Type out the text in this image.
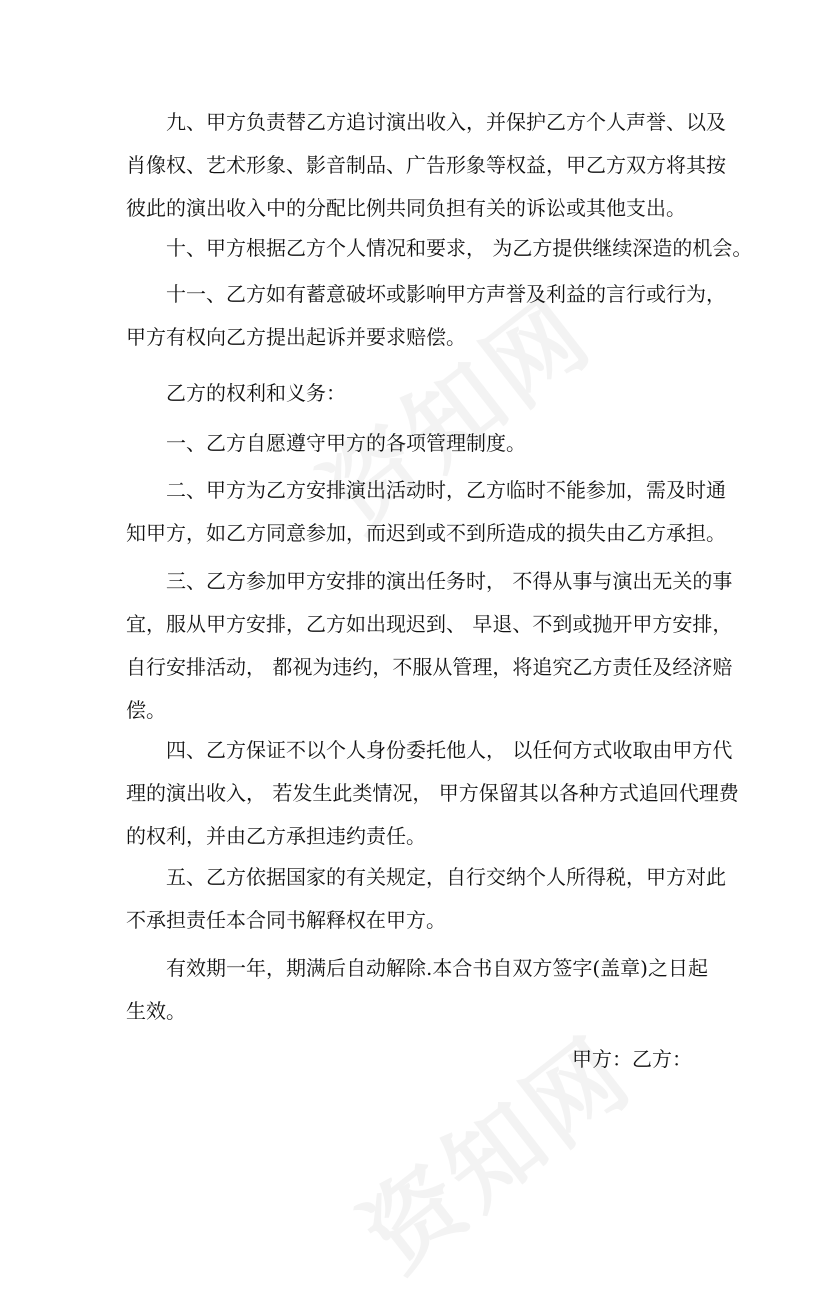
九、甲方负责替乙方追讨演出收入，并保护乙方个人声誉、以及
肖像权、艺术形象、影音制品、广告形象等权益，甲乙方双方将其按
彼此的演出收入中的分配比例共同负担有关的诉讼或其他支出。

十、甲方根据乙方个人情况和要求， 为乙方提供继续深造的机会。

十一、乙方如有蓄意破坏或影响甲方声誉及利益的言行或行为，
甲方有权向乙方提出起诉并要求赔偿。

乙方的权利和义务：

一、乙方自愿遵守甲方的各项管理制度。

二、甲方为乙方安排演出活动时，乙方临时不能参加，需及时通
知甲方，如乙方同意参加，而迟到或不到所造成的损失由乙方承担。

三、乙方参加甲方安排的演出任务时， 不得从事与演出无关的事
宜，服从甲方安排，乙方如出现迟到、 早退、不到或抛开甲方安排，
自行安排活动， 都视为违约，不服从管理，将追究乙方责任及经济赔
偿。

四、乙方保证不以个人身份委托他人， 以任何方式收取由甲方代
理的演出收入， 若发生此类情况， 甲方保留其以各种方式追回代理费
的权利，并由乙方承担违约责任。

五、乙方依据国家的有关规定，自行交纳个人所得税，甲方对此
不承担责任本合同书解释权在甲方。

有效期一年，期满后自动解除.本合书自双方签字(盖章)之日起
生效。

甲方：乙方：
